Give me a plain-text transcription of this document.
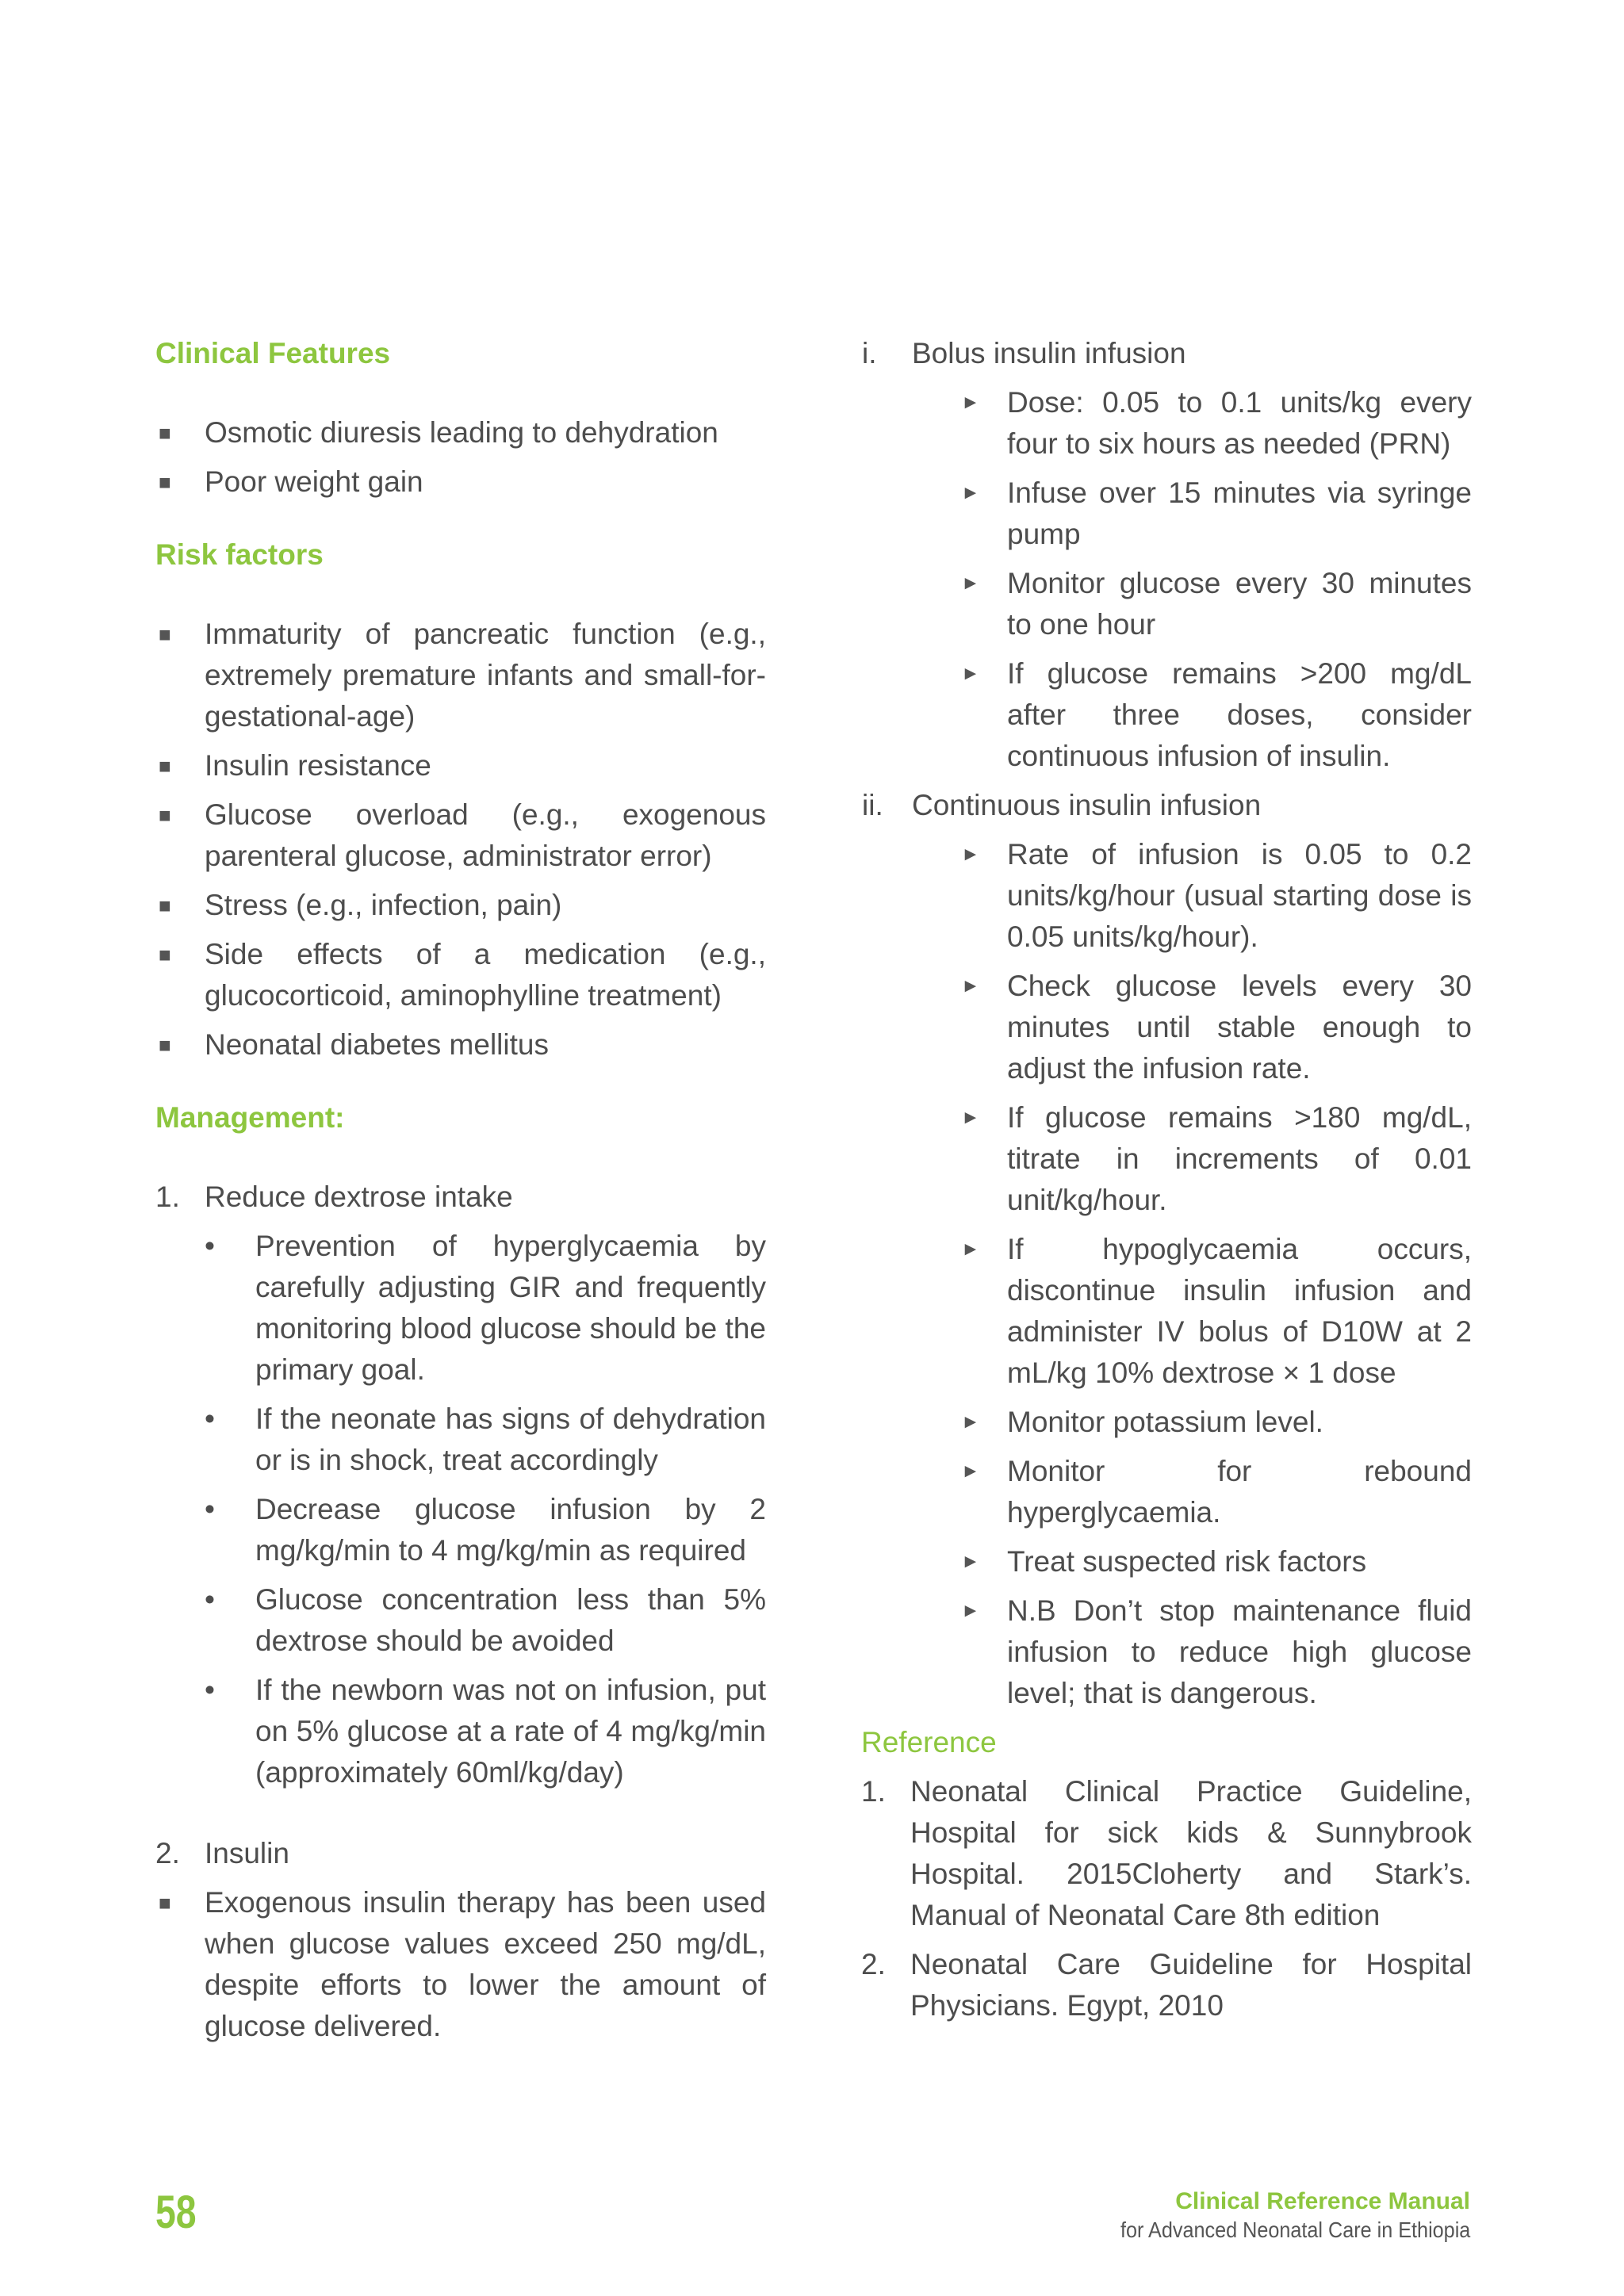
Clinical Features
■ Osmotic diuresis leading to dehydration
■ Poor weight gain
Risk factors
■ Immaturity of pancreatic function (e.g., extremely premature infants and small-for-gestational-age)
■ Insulin resistance
■ Glucose overload (e.g., exogenous parenteral glucose, administrator error)
■ Stress (e.g., infection, pain)
■ Side effects of a medication (e.g., glucocorticoid, aminophylline treatment)
■ Neonatal diabetes mellitus
Management:
1. Reduce dextrose intake
• Prevention of hyperglycaemia by carefully adjusting GIR and frequently monitoring blood glucose should be the primary goal.
• If the neonate has signs of dehydration or is in shock, treat accordingly
• Decrease glucose infusion by 2 mg/kg/min to 4 mg/kg/min as required
• Glucose concentration less than 5% dextrose should be avoided
• If the newborn was not on infusion, put on 5% glucose at a rate of 4 mg/kg/min (approximately 60ml/kg/day)
2. Insulin
■ Exogenous insulin therapy has been used when glucose values exceed 250 mg/dL, despite efforts to lower the amount of glucose delivered.
i.	Bolus insulin infusion
► Dose: 0.05 to 0.1 units/kg every four to six hours as needed (PRN)
► Infuse over 15 minutes via syringe pump
► Monitor glucose every 30 minutes to one hour
► If glucose remains >200 mg/dL after three doses, consider continuous infusion of insulin.
ii. Continuous insulin infusion
► Rate of infusion is 0.05 to 0.2 units/kg/hour (usual starting dose is 0.05 units/kg/hour).
► Check glucose levels every 30 minutes until stable enough to adjust the infusion rate.
► If glucose remains >180 mg/dL, titrate in increments of 0.01 unit/kg/hour.
► If hypoglycaemia occurs, discontinue insulin infusion and administer IV bolus of D10W at 2 mL/kg 10% dextrose × 1 dose
► Monitor potassium level.
► Monitor for rebound hyperglycaemia.
► Treat suspected risk factors
► N.B Don’t stop maintenance fluid infusion to reduce high glucose level; that is dangerous.
Reference
1. Neonatal Clinical Practice Guideline, Hospital for sick kids & Sunnybrook Hospital. 2015Cloherty and Stark’s. Manual of Neonatal Care 8th edition
2. Neonatal Care Guideline for Hospital Physicians. Egypt, 2010
58	Clinical Reference Manual
for Advanced Neonatal Care in Ethiopia
